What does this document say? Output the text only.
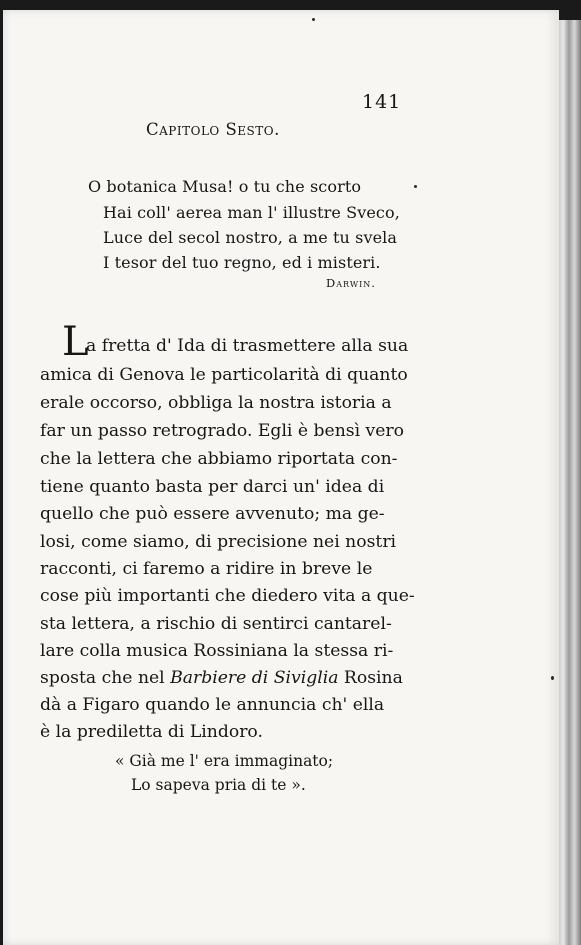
141

Capitolo Sesto.

O botanica Musa! o tu che scorto

Hai coll' aerea man l' illustre Sveco,

Luce del secol nostro, a me tu svela

I tesor del tuo regno, ed i misteri.

Darwin.

L

a fretta d' Ida di trasmettere alla sua

amica di Genova le particolarità di quanto

erale occorso, obbliga la nostra istoria a

far un passo retrogrado. Egli è bensì vero

che la lettera che abbiamo riportata con-

tiene quanto basta per darci un' idea di

quello che può essere avvenuto; ma ge-

losi, come siamo, di precisione nei nostri

racconti, ci faremo a ridire in breve le

cose più importanti che diedero vita a que-

sta lettera, a rischio di sentirci cantarel-

lare colla musica Rossiniana la stessa ri-

sposta che nel Barbiere di Siviglia Rosina

dà a Figaro quando le annuncia ch' ella

è la prediletta di Lindoro.

« Già me l' era immaginato;

Lo sapeva pria di te ».
